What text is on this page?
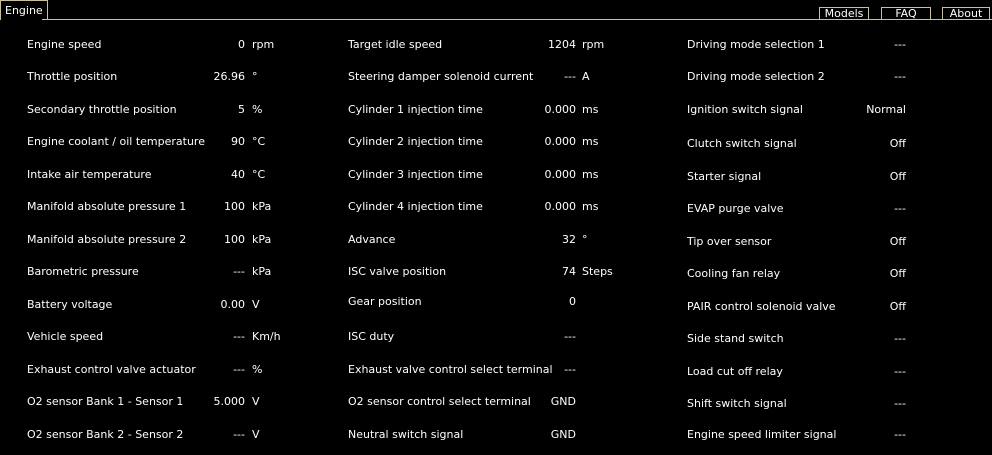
Engine	Models	FAQ	About
Engine speed	0 rpm
Throttle position	26.96 °
Secondary throttle position	5 %
Engine coolant / oil temperature 90 °C
Intake air temperature	40 °C
Manifold absolute pressure 1	100 kPa
Manifold absolute pressure 2	100 kPa
Barometric pressure	--- kPa
Battery voltage	0.00 V
Vehicle speed	--- Km/h
Exhaust control valve actuator	--- %
O2 sensor Bank 1 - Sensor 1	5.000 V
O2 sensor Bank 2 - Sensor 2	--- V
Target idle speed	1204 rpm
Steering damper solenoid current	--- A
Cylinder 1 injection time	0.000 ms
Cylinder 2 injection time	0.000 ms
Cylinder 3 injection time	0.000 ms
Cylinder 4 injection time	0.000 ms
Advance	32 °
ISC valve position	74 Steps
Gear position	0
ISC duty	---
Exhaust valve control select terminal ---
O2 sensor control select terminal GND
Neutral switch signal	GND
Driving mode selection 1	---
Driving mode selection 2	---
Ignition switch signal	Normal
Clutch switch signal	Off
Starter signal	Off
EVAP purge valve	---
Tip over sensor	Off
Cooling fan relay	Off
PAIR control solenoid valve	Off
Side stand switch	---
Load cut off relay	---
Shift switch signal	---
Engine speed limiter signal	---
